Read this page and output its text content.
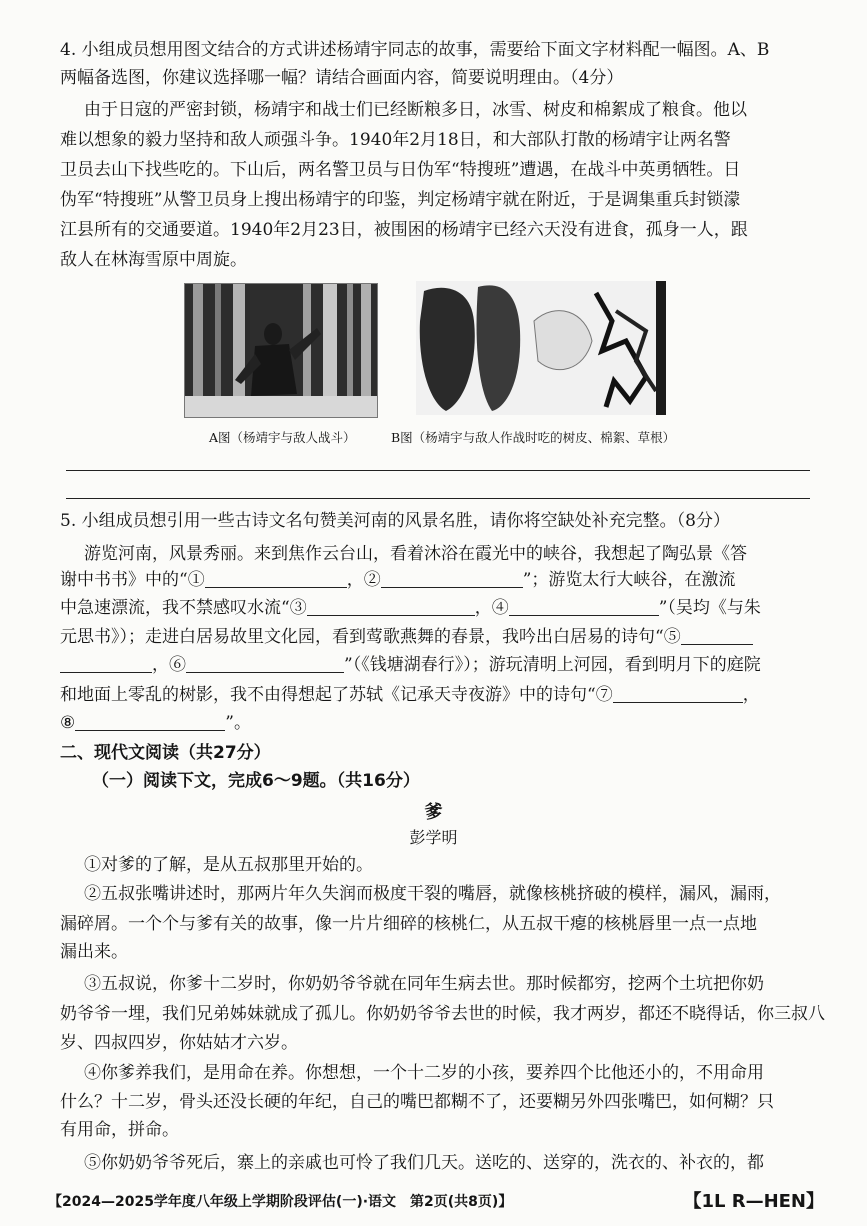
4. 小组成员想用图文结合的方式讲述杨靖宇同志的故事，需要给下面文字材料配一幅图。A、B
两幅备选图，你建议选择哪一幅？请结合画面内容，简要说明理由。（4分）
由于日寇的严密封锁，杨靖宇和战士们已经断粮多日，冰雪、树皮和棉絮成了粮食。他以
难以想象的毅力坚持和敌人顽强斗争。1940年2月18日，和大部队打散的杨靖宇让两名警
卫员去山下找些吃的。下山后，两名警卫员与日伪军“特搜班”遭遇，在战斗中英勇牺牲。日
伪军“特搜班”从警卫员身上搜出杨靖宇的印鉴，判定杨靖宇就在附近，于是调集重兵封锁濛
江县所有的交通要道。1940年2月23日，被围困的杨靖宇已经六天没有进食，孤身一人，跟
敌人在林海雪原中周旋。
A图（杨靖宇与敌人战斗）	B图（杨靖宇与敌人作战时吃的树皮、棉絮、草根）
5. 小组成员想引用一些古诗文名句赞美河南的风景名胜，请你将空缺处补充完整。（8分）
游览河南，风景秀丽。来到焦作云台山，看着沐浴在霞光中的峡谷，我想起了陶弘景《答
谢中书书》中的“①	，②	”；游览太行大峡谷，在激流
中急速漂流，我不禁感叹水流“③	，④	”（吴均《与朱
元思书》）；走进白居易故里文化园，看到莺歌燕舞的春景，我吟出白居易的诗句“⑤
，⑥	”（《钱塘湖春行》）；游玩清明上河园，看到明月下的庭院
和地面上零乱的树影，我不由得想起了苏轼《记承天寺夜游》中的诗句“⑦	，
⑧	”。
二、现代文阅读（共27分）
（一）阅读下文，完成6～9题。（共16分）
爹
彭学明
①对爹的了解，是从五叔那里开始的。
②五叔张嘴讲述时，那两片年久失润而极度干裂的嘴唇，就像核桃挤破的模样，漏风，漏雨，
漏碎屑。一个个与爹有关的故事，像一片片细碎的核桃仁，从五叔干瘪的核桃唇里一点一点地
漏出来。
③五叔说，你爹十二岁时，你奶奶爷爷就在同年生病去世。那时候都穷，挖两个土坑把你奶
奶爷爷一埋，我们兄弟姊妹就成了孤儿。你奶奶爷爷去世的时候，我才两岁，都还不晓得话，你三叔八
岁、四叔四岁，你姑姑才六岁。
④你爹养我们，是用命在养。你想想，一个十二岁的小孩，要养四个比他还小的，不用命用
什么？十二岁，骨头还没长硬的年纪，自己的嘴巴都糊不了，还要糊另外四张嘴巴，如何糊？只
有用命，拼命。
⑤你奶奶爷爷死后，寨上的亲戚也可怜了我们几天。送吃的、送穿的，洗衣的、补衣的，都
【2024—2025学年度八年级上学期阶段评估(一)·语文　第2页(共8页)】	【1L R—HEN】
